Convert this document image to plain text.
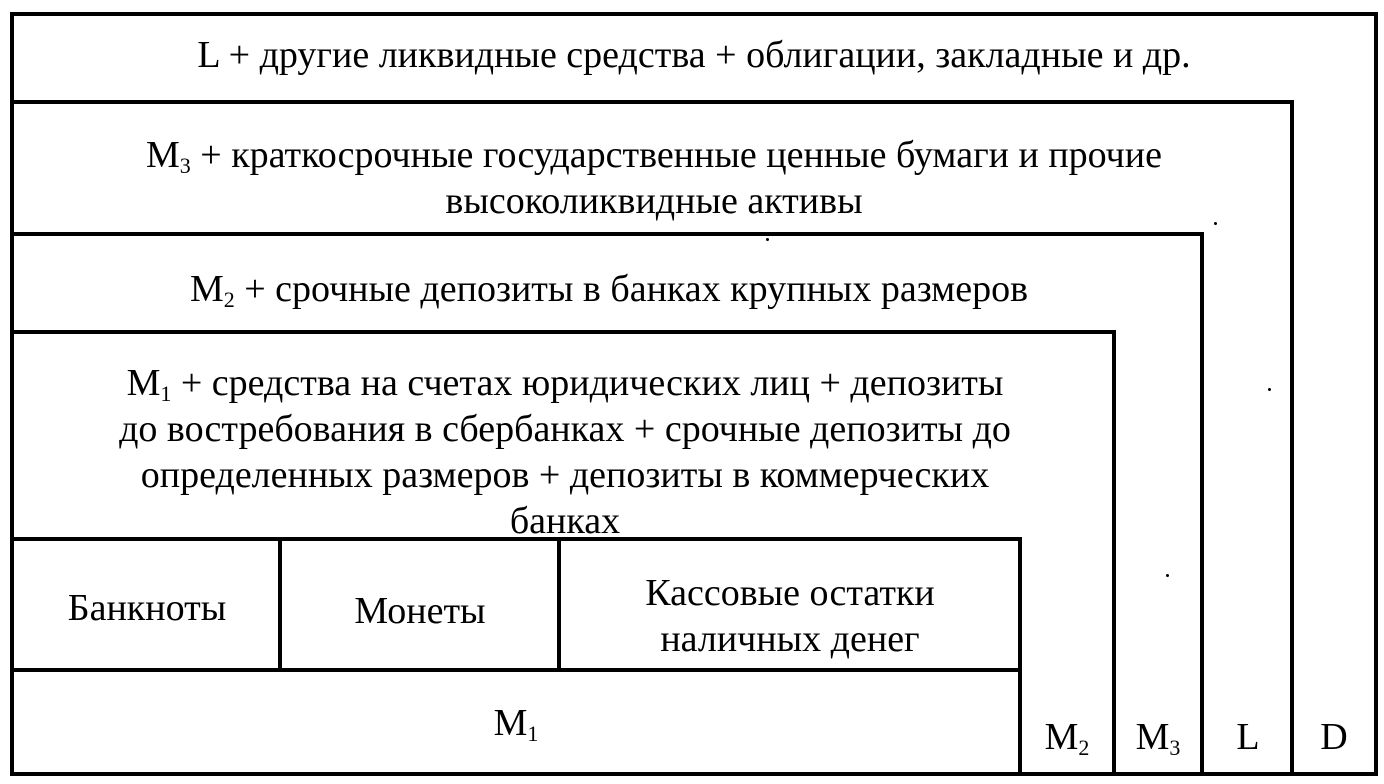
L + другие ликвидные средства + облигации, закладные и др.
$M_3$ + краткосрочные государственные ценные бумаги и прочие
высоколиквидные активы
$M_2$ + срочные депозиты в банках крупных размеров
$M_1$ + средства на счетах юридических лиц + депозиты
до востребования в сбербанках + срочные депозиты до
определенных размеров + депозиты в коммерческих
банках
Банкноты	Монеты	Кассовые остатки
наличных денег
$M_1$	$M_2$	$M_3$	L	D
